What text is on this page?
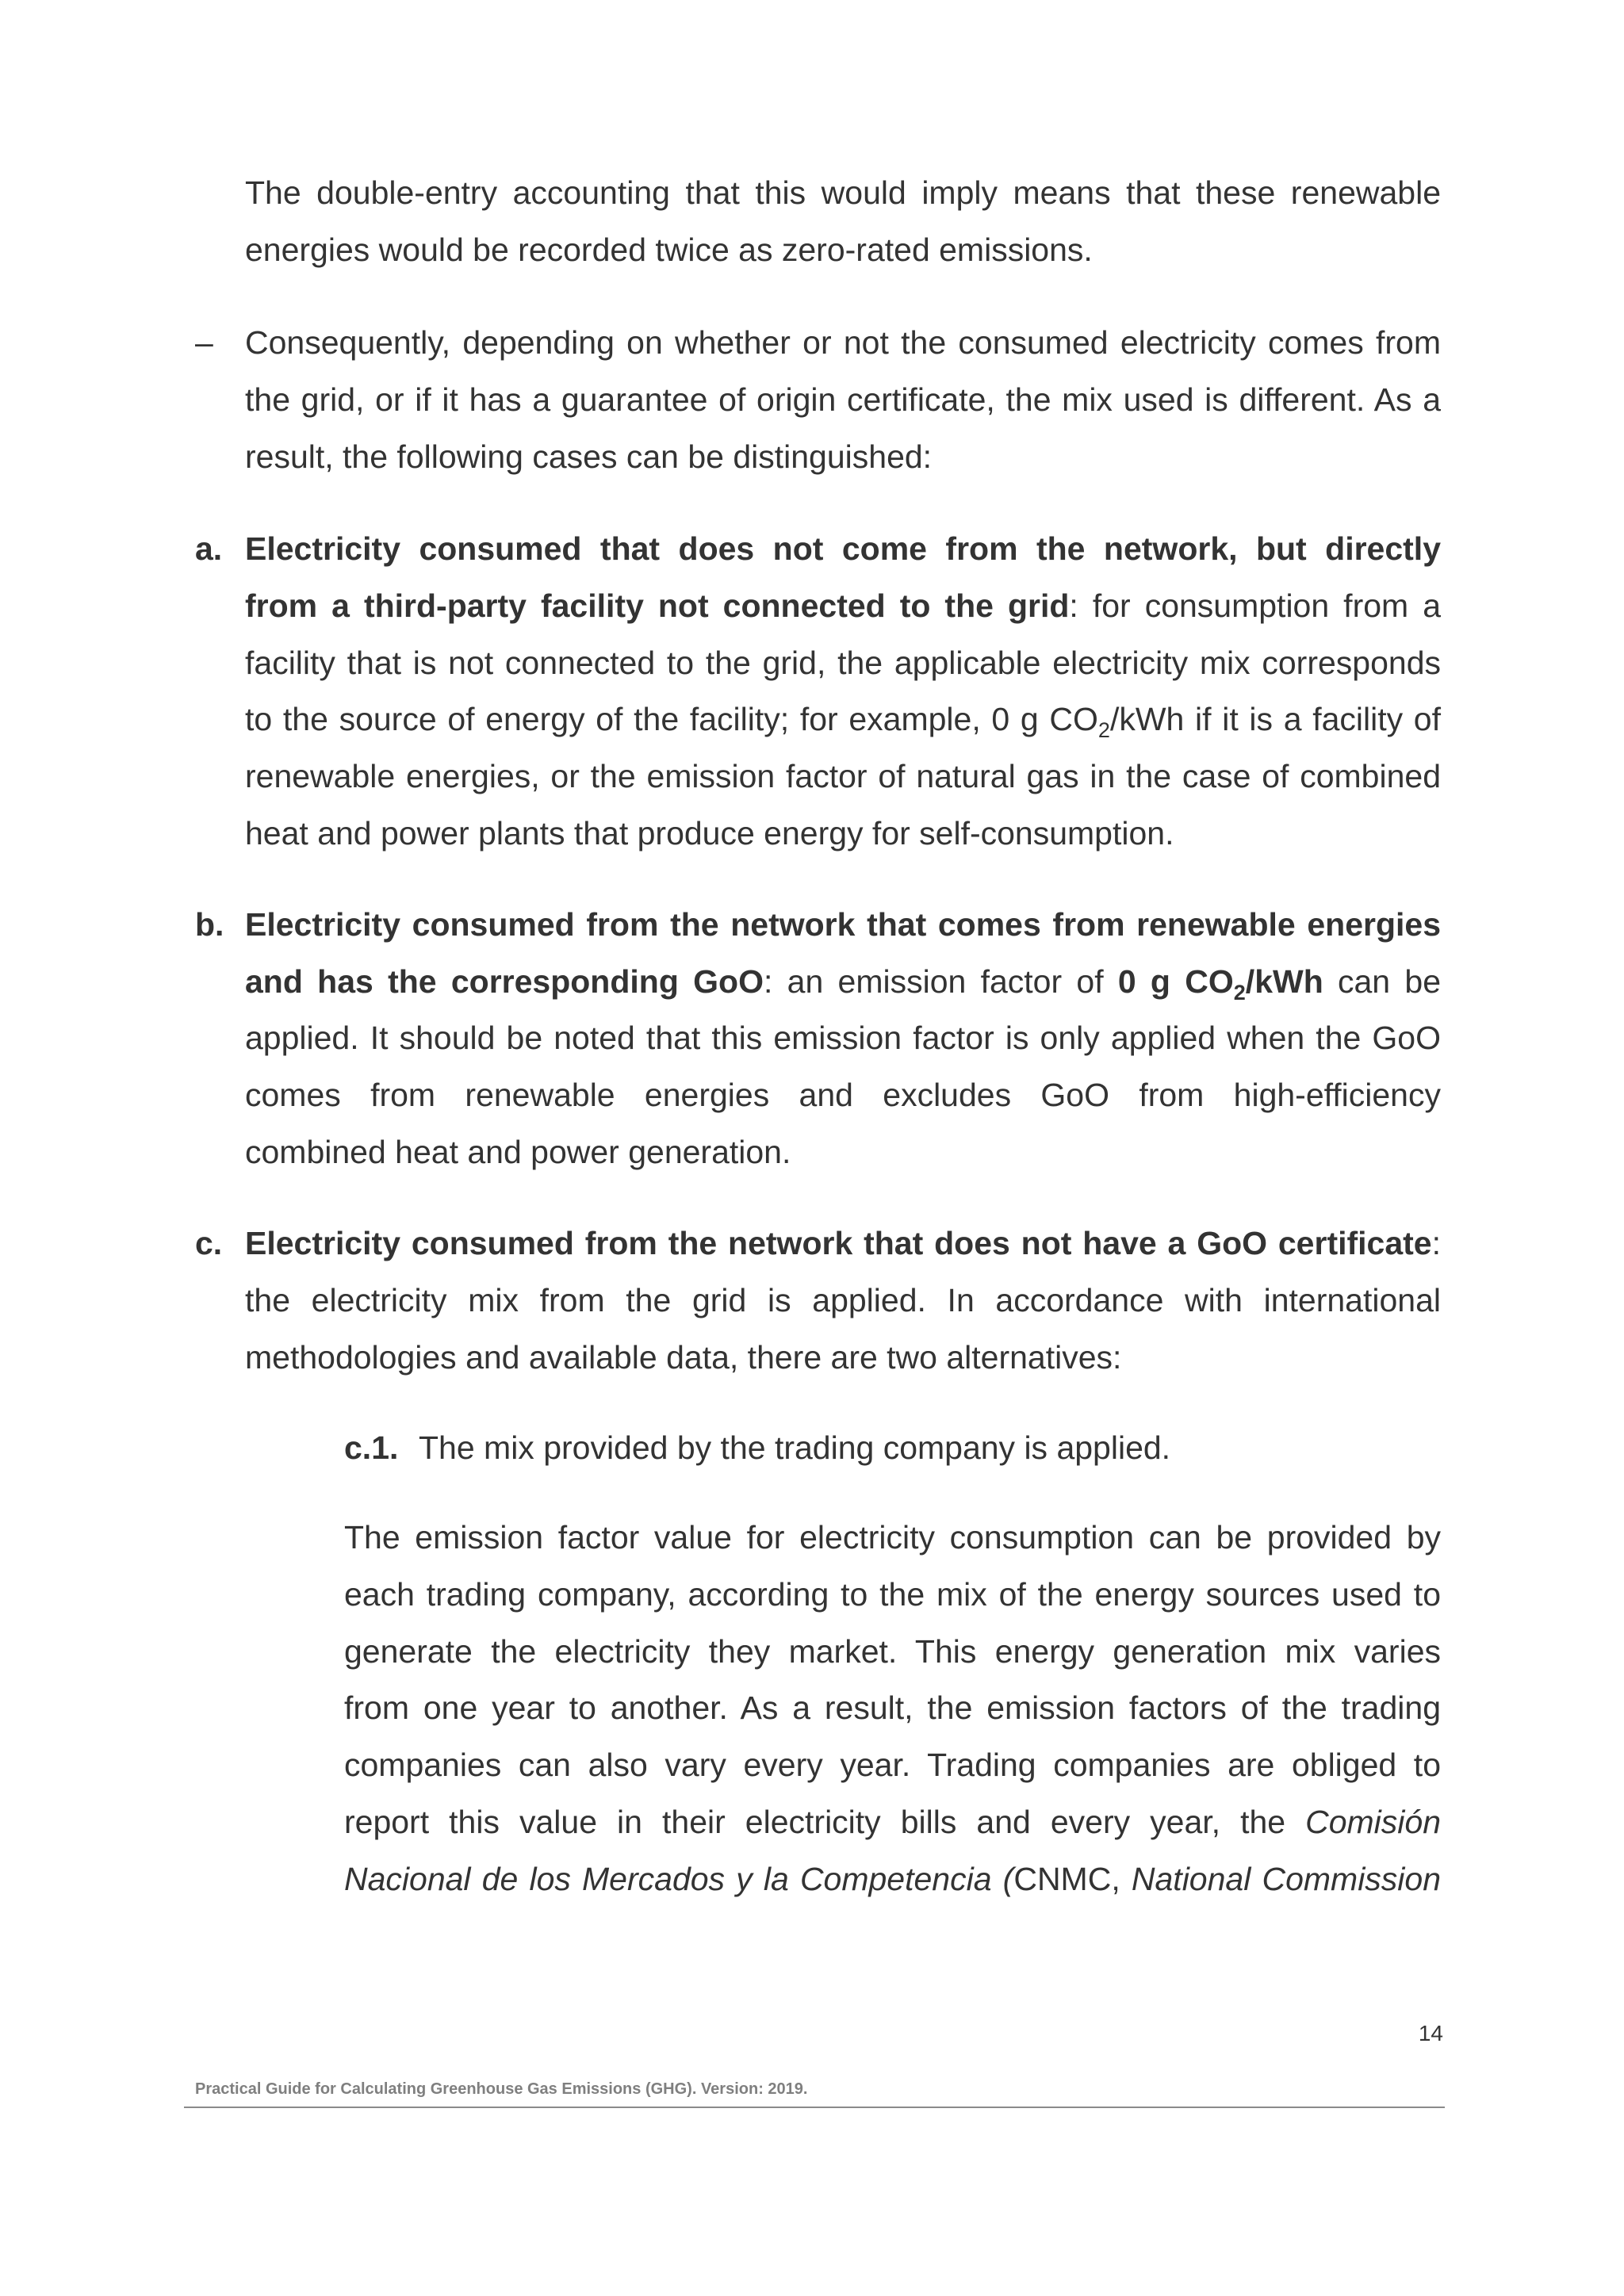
The double-entry accounting that this would imply means that these renewable
energies would be recorded twice as zero-rated emissions.
– Consequently, depending on whether or not the consumed electricity comes from
the grid, or if it has a guarantee of origin certificate, the mix used is different. As a
result, the following cases can be distinguished:
a. Electricity consumed that does not come from the network, but directly
from a third-party facility not connected to the grid: for consumption from a
facility that is not connected to the grid, the applicable electricity mix corresponds
to the source of energy of the facility; for example, 0 g $CO_2$/kWh if it is a facility of
renewable energies, or the emission factor of natural gas in the case of combined
heat and power plants that produce energy for self-consumption.
b. Electricity consumed from the network that comes from renewable energies
and has the corresponding GoO: an emission factor of 0 g $CO_2$/kWh can be
applied. It should be noted that this emission factor is only applied when the GoO
comes from renewable energies and excludes GoO from high-efficiency
combined heat and power generation.
c. Electricity consumed from the network that does not have a GoO certificate:
the electricity mix from the grid is applied. In accordance with international
methodologies and available data, there are two alternatives:
c.1. The mix provided by the trading company is applied.
The emission factor value for electricity consumption can be provided by
each trading company, according to the mix of the energy sources used to
generate the electricity they market. This energy generation mix varies
from one year to another. As a result, the emission factors of the trading
companies can also vary every year. Trading companies are obliged to
report this value in their electricity bills and every year, the Comisión
Nacional de los Mercados y la Competencia (CNMC, National Commission
14
Practical Guide for Calculating Greenhouse Gas Emissions (GHG). Version: 2019.
